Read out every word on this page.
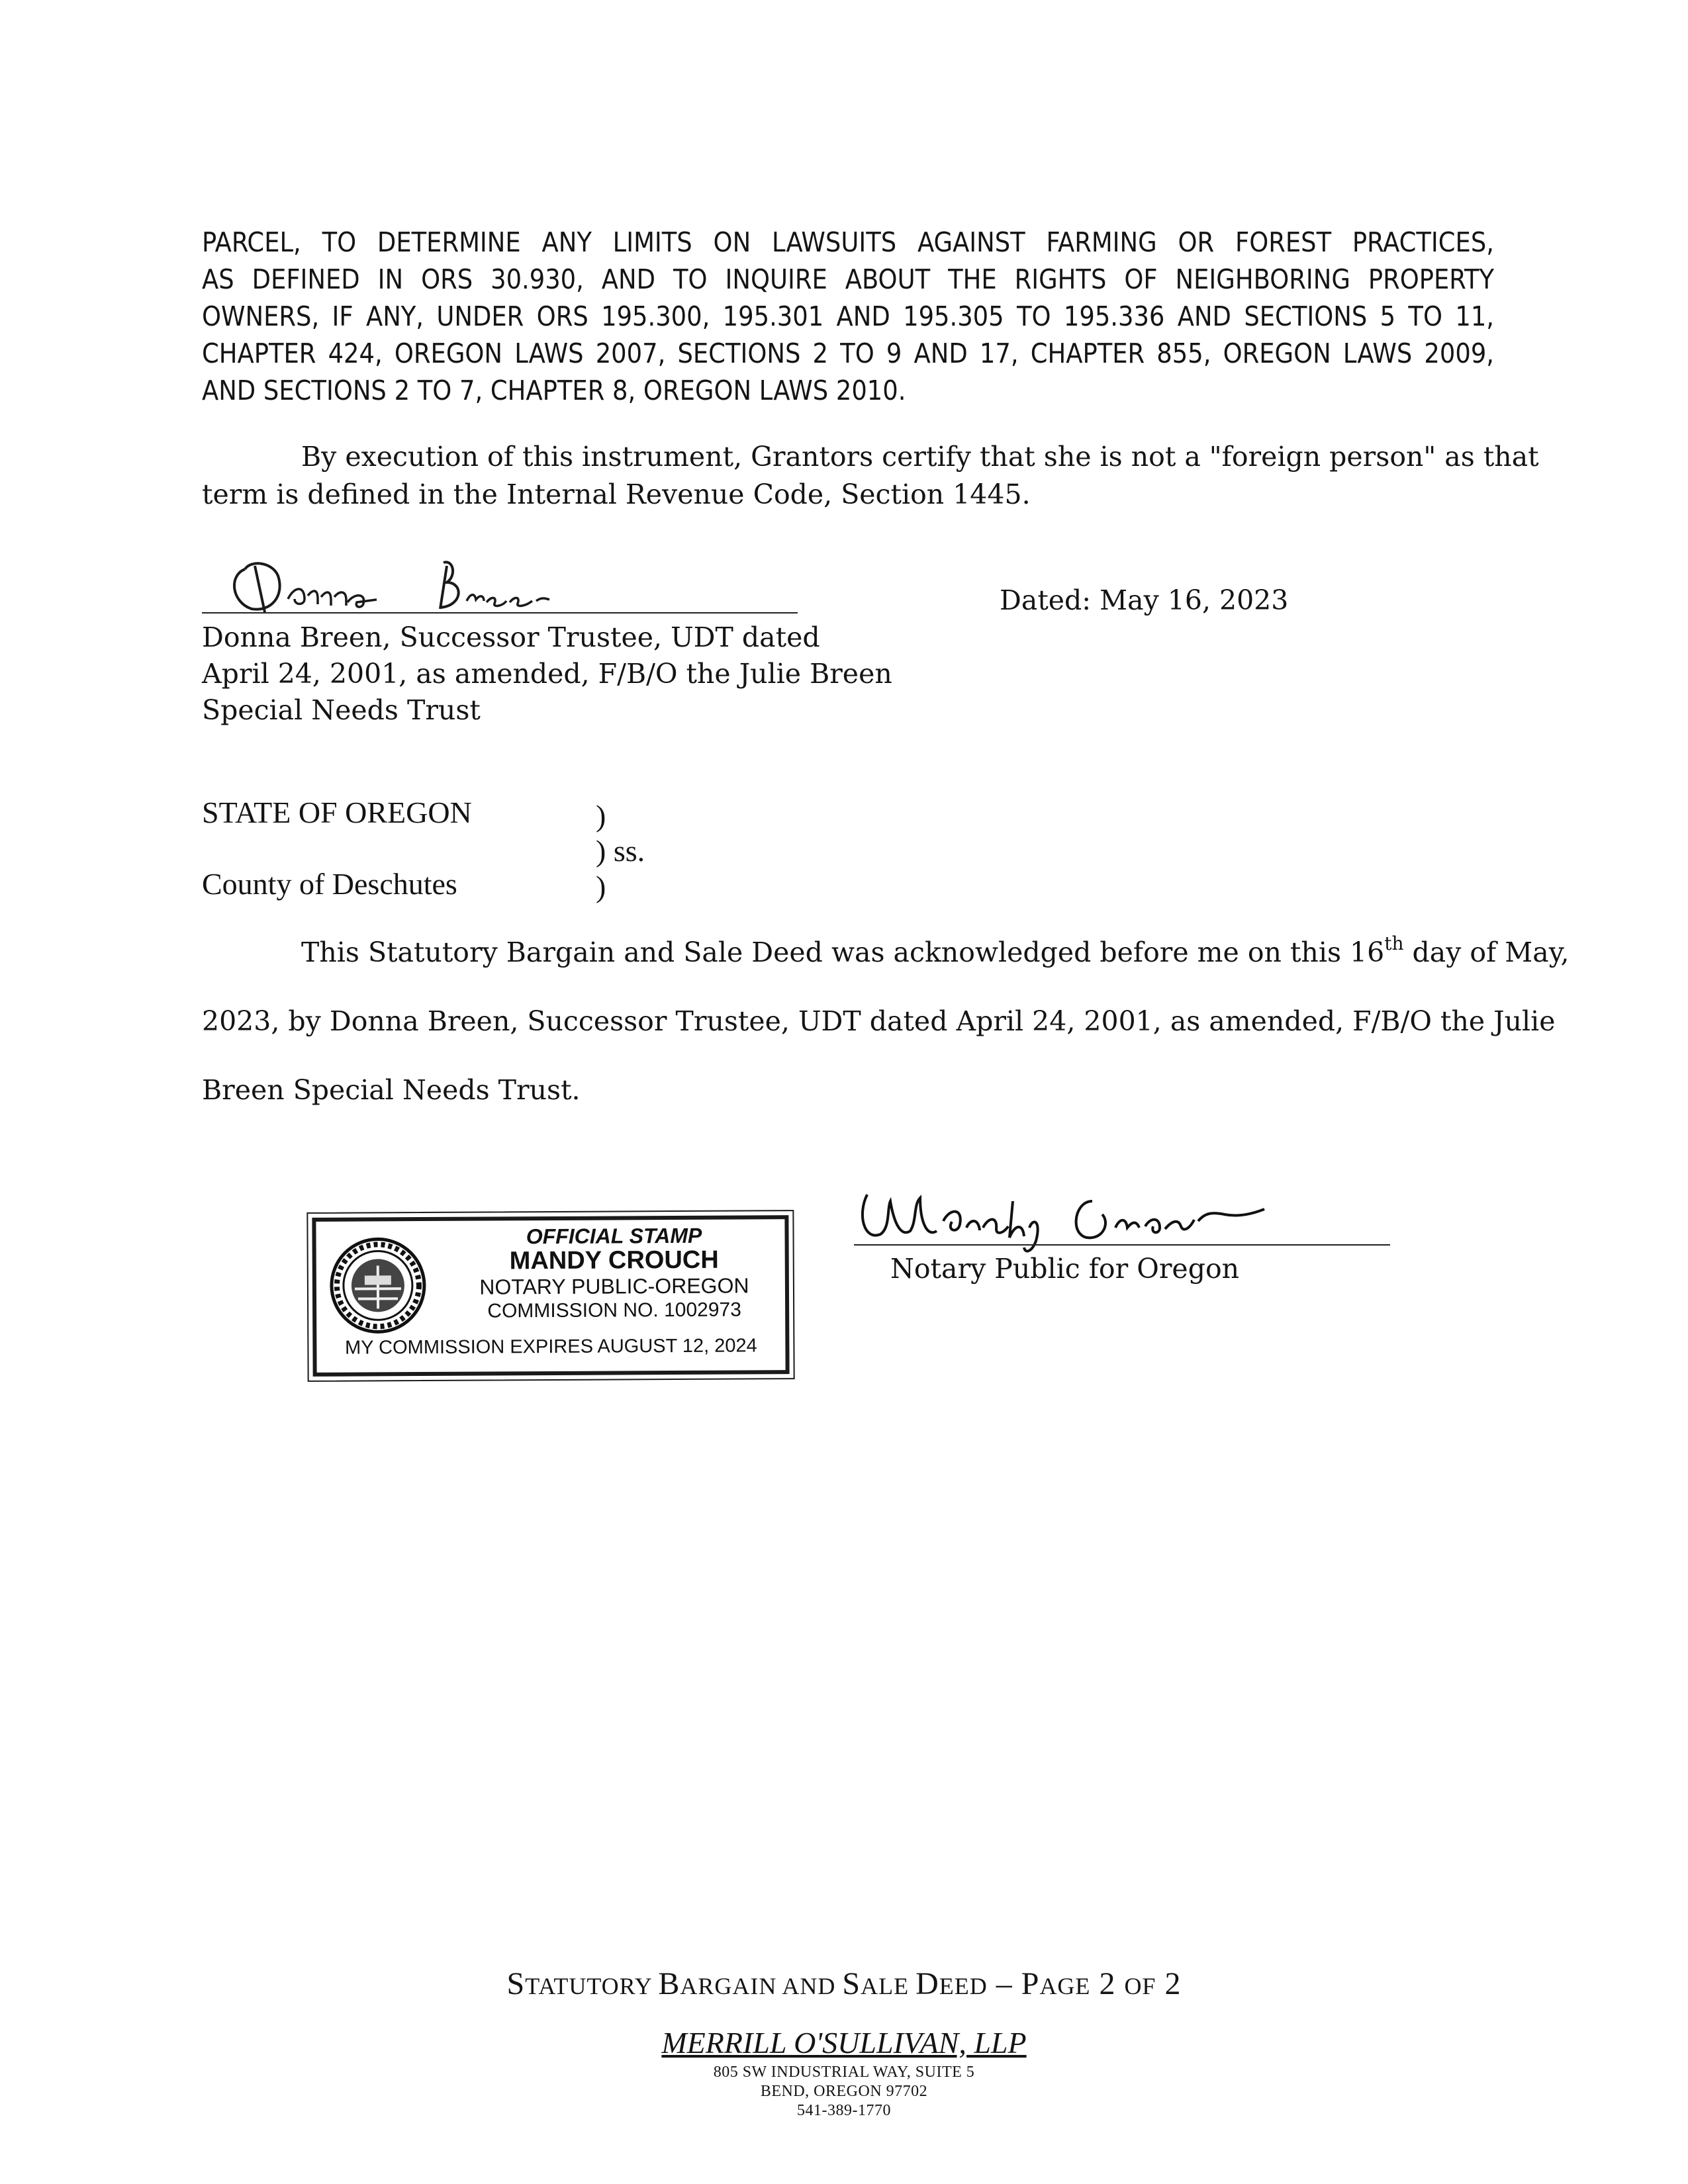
PARCEL, TO DETERMINE ANY LIMITS ON LAWSUITS AGAINST FARMING OR FOREST PRACTICES,
AS DEFINED IN ORS 30.930, AND TO INQUIRE ABOUT THE RIGHTS OF NEIGHBORING PROPERTY
OWNERS, IF ANY, UNDER ORS 195.300, 195.301 AND 195.305 TO 195.336 AND SECTIONS 5 TO 11,
CHAPTER 424, OREGON LAWS 2007, SECTIONS 2 TO 9 AND 17, CHAPTER 855, OREGON LAWS 2009,
AND SECTIONS 2 TO 7, CHAPTER 8, OREGON LAWS 2010.
By execution of this instrument, Grantors certify that she is not a "foreign person" as that
term is defined in the Internal Revenue Code, Section 1445.
Dated: May 16, 2023
Donna Breen, Successor Trustee, UDT dated
April 24, 2001, as amended, F/B/O the Julie Breen
Special Needs Trust
STATE OF OREGON	)
) ss.
County of Deschutes	)
This Statutory Bargain and Sale Deed was acknowledged before me on this 16th day of May,
2023, by Donna Breen, Successor Trustee, UDT dated April 24, 2001, as amended, F/B/O the Julie
Breen Special Needs Trust.
OFFICIAL STAMP
MANDY CROUCH
NOTARY PUBLIC-OREGON
COMMISSION NO. 1002973
MY COMMISSION EXPIRES AUGUST 12, 2024
Notary Public for Oregon
STATUTORY BARGAIN AND SALE DEED – PAGE 2 OF 2
MERRILL O'SULLIVAN, LLP
805 SW INDUSTRIAL WAY, SUITE 5
BEND, OREGON 97702
541-389-1770
